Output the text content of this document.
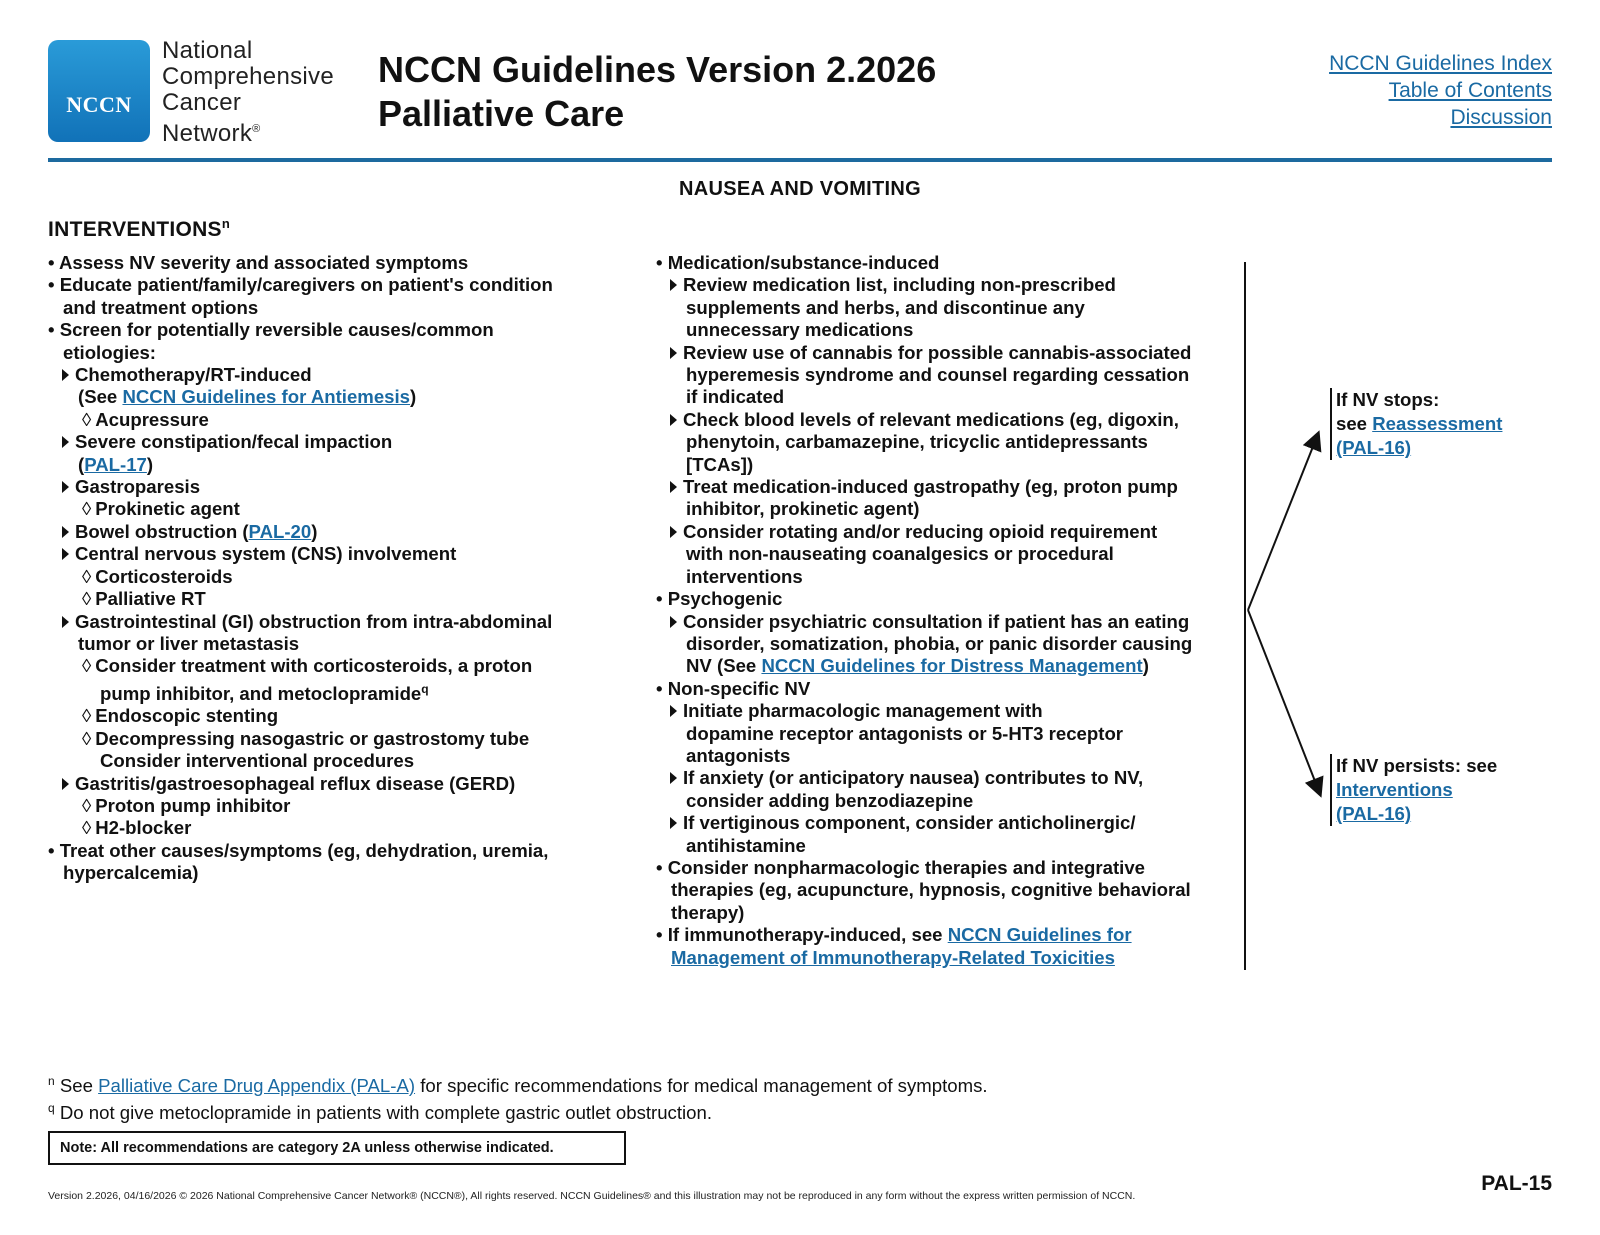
NCCN
National
Comprehensive
Cancer
Network®
NCCN Guidelines Version 2.2026
Palliative Care
NCCN Guidelines Index
Table of Contents
Discussion
NAUSEA AND VOMITING
INTERVENTIONS$^n$
• Assess NV severity and associated symptoms
• Educate patient/family/caregivers on patient's condition
and treatment options
• Screen for potentially reversible causes/common
etiologies:
Chemotherapy/RT-induced
(See NCCN Guidelines for Antiemesis)
◊ Acupressure
Severe constipation/fecal impaction
(PAL-17)
Gastroparesis
◊ Prokinetic agent
Bowel obstruction (PAL-20)
Central nervous system (CNS) involvement
◊ Corticosteroids
◊ Palliative RT
Gastrointestinal (GI) obstruction from intra-abdominal
tumor or liver metastasis
◊ Consider treatment with corticosteroids, a proton
pump inhibitor, and metoclopramide$^q$
◊ Endoscopic stenting
◊ Decompressing nasogastric or gastrostomy tube
Consider interventional procedures
Gastritis/gastroesophageal reflux disease (GERD)
◊ Proton pump inhibitor
◊ H2-blocker
• Treat other causes/symptoms (eg, dehydration, uremia,
hypercalcemia)
• Medication/substance-induced
Review medication list, including non-prescribed
supplements and herbs, and discontinue any
unnecessary medications
Review use of cannabis for possible cannabis-associated
hyperemesis syndrome and counsel regarding cessation
if indicated
Check blood levels of relevant medications (eg, digoxin,
phenytoin, carbamazepine, tricyclic antidepressants
[TCAs])
Treat medication-induced gastropathy (eg, proton pump
inhibitor, prokinetic agent)
Consider rotating and/or reducing opioid requirement
with non-nauseating coanalgesics or procedural
interventions
• Psychogenic
Consider psychiatric consultation if patient has an eating
disorder, somatization, phobia, or panic disorder causing
NV (See NCCN Guidelines for Distress Management)
• Non-specific NV
Initiate pharmacologic management with
dopamine receptor antagonists or 5-HT3 receptor
antagonists
If anxiety (or anticipatory nausea) contributes to NV,
consider adding benzodiazepine
If vertiginous component, consider anticholinergic/
antihistamine
• Consider nonpharmacologic therapies and integrative
therapies (eg, acupuncture, hypnosis, cognitive behavioral
therapy)
• If immunotherapy-induced, see NCCN Guidelines for
Management of Immunotherapy-Related Toxicities
If NV stops:
see Reassessment
(PAL-16)
If NV persists: see
Interventions
(PAL-16)
$^n$ See Palliative Care Drug Appendix (PAL-A) for specific recommendations for medical management of symptoms.
$^q$ Do not give metoclopramide in patients with complete gastric outlet obstruction.
Note: All recommendations are category 2A unless otherwise indicated.
Version 2.2026, 04/16/2026 © 2026 National Comprehensive Cancer Network® (NCCN®), All rights reserved. NCCN Guidelines® and this illustration may not be reproduced in any form without the express written permission of NCCN.
PAL-15
